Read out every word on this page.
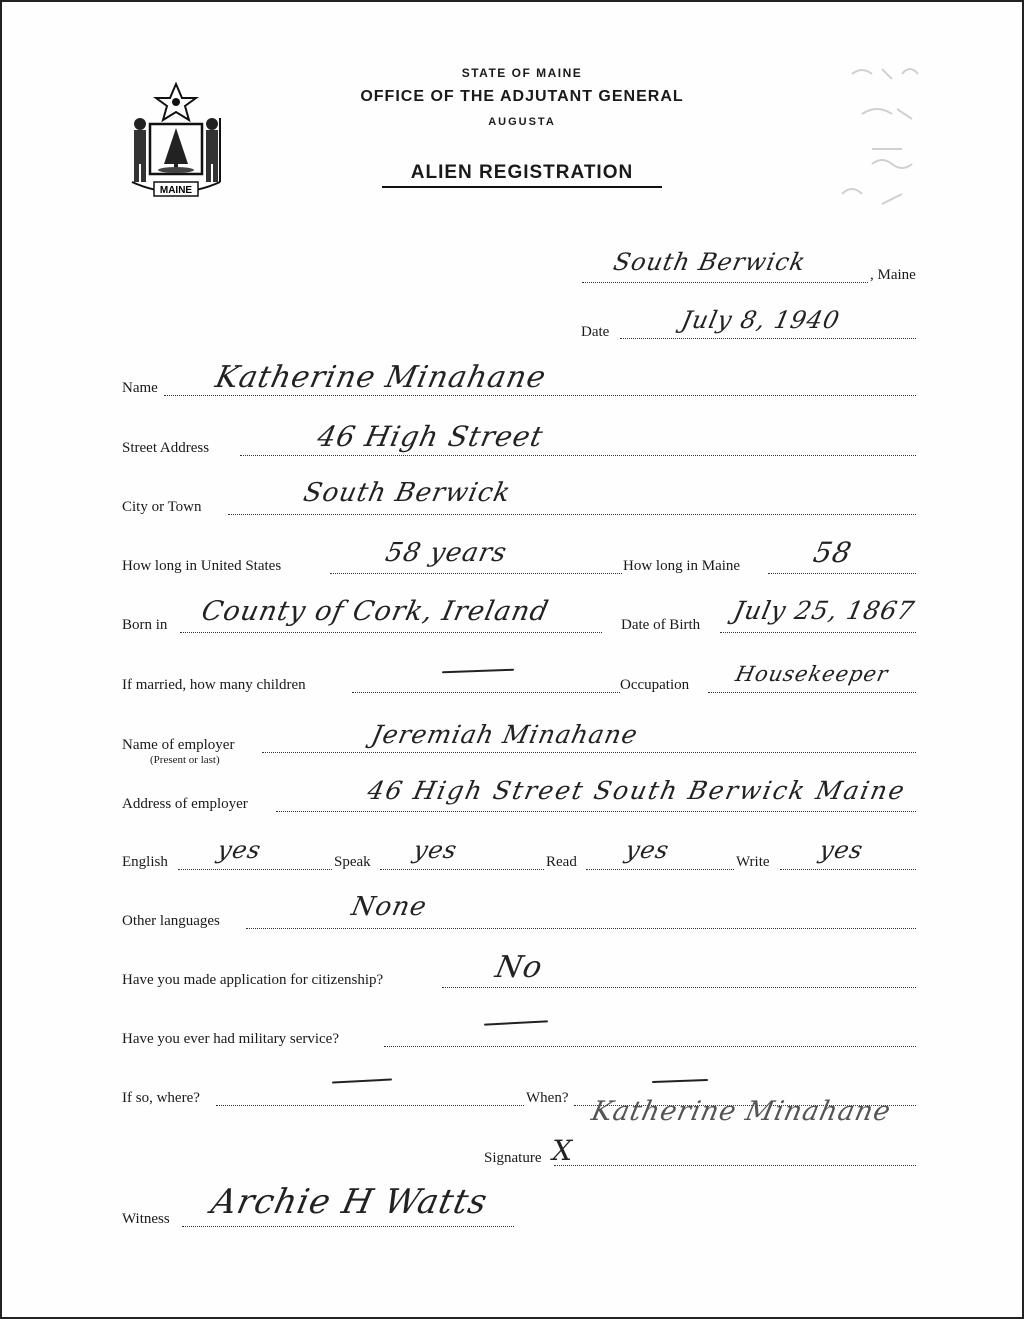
MAINE
STATE OF MAINE
OFFICE OF THE ADJUTANT GENERAL
AUGUSTA
ALIEN REGISTRATION
South Berwick	, Maine
Date	July 8, 1940
Name Katherine Minahane
Street Address	46 High Street
City or Town	South Berwick
How long in United States	58 years	How long in Maine	58
Born in County of Cork, Ireland	Date of Birth July 25, 1867
If married, how many children	Occupation Housekeeper
Name of employer
(Present or last)
Jeremiah Minahane
Address of employer	46 High Street South Berwick Maine
English yes	Speak yes	Read yes	Write yes
Other languages	None
Have you made application for citizenship?	No
Have you ever had military service?
If so, where?	When?
Signature X
Katherine Minahane
Witness Archie H Watts
